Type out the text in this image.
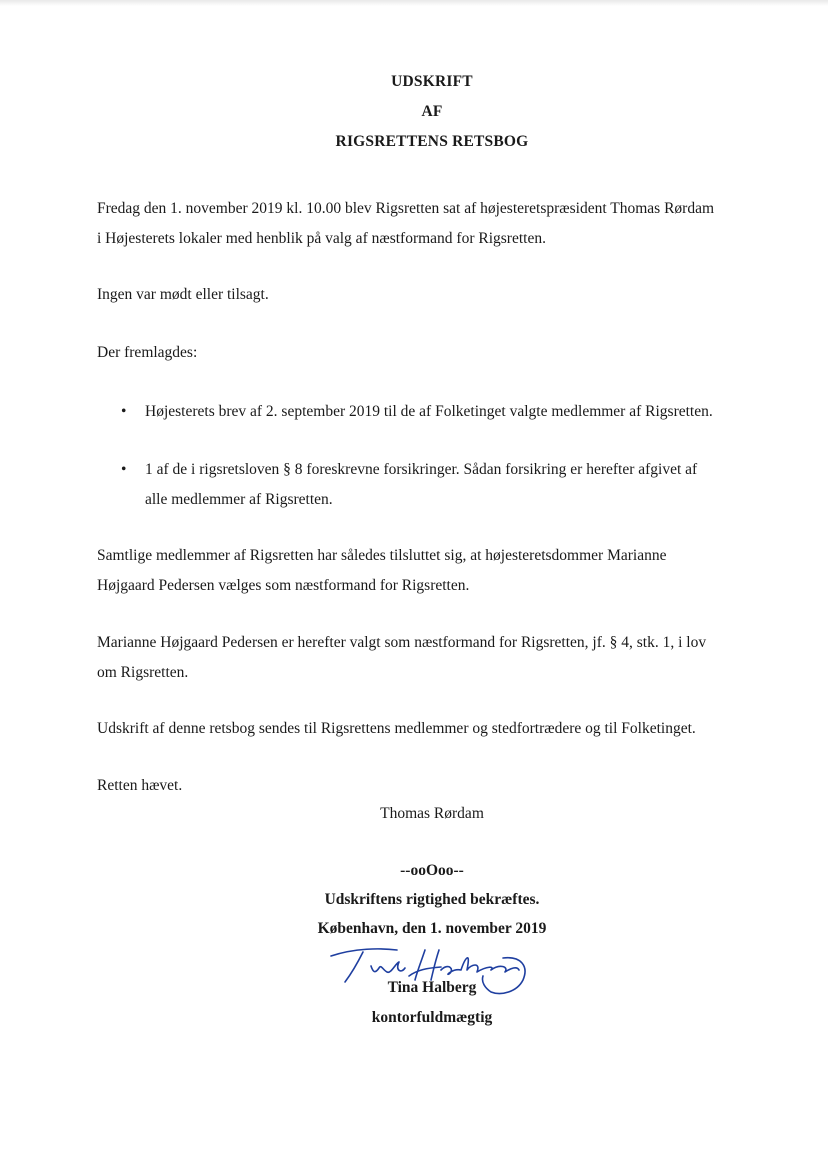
UDSKRIFT
AF
RIGSRETTENS RETSBOG
Fredag den 1. november 2019 kl. 10.00 blev Rigsretten sat af højesteretspræsident Thomas Rørdam
i Højesterets lokaler med henblik på valg af næstformand for Rigsretten.
Ingen var mødt eller tilsagt.
Der fremlagdes:
• Højesterets brev af 2. september 2019 til de af Folketinget valgte medlemmer af Rigsretten.
• 1 af de i rigsretsloven § 8 foreskrevne forsikringer. Sådan forsikring er herefter afgivet af
alle medlemmer af Rigsretten.
Samtlige medlemmer af Rigsretten har således tilsluttet sig, at højesteretsdommer Marianne
Højgaard Pedersen vælges som næstformand for Rigsretten.
Marianne Højgaard Pedersen er herefter valgt som næstformand for Rigsretten, jf. § 4, stk. 1, i lov
om Rigsretten.
Udskrift af denne retsbog sendes til Rigsrettens medlemmer og stedfortrædere og til Folketinget.
Retten hævet.
Thomas Rørdam
--ooOoo--
Udskriftens rigtighed bekræftes.
København, den 1. november 2019
Tina Halberg
kontorfuldmægtig
